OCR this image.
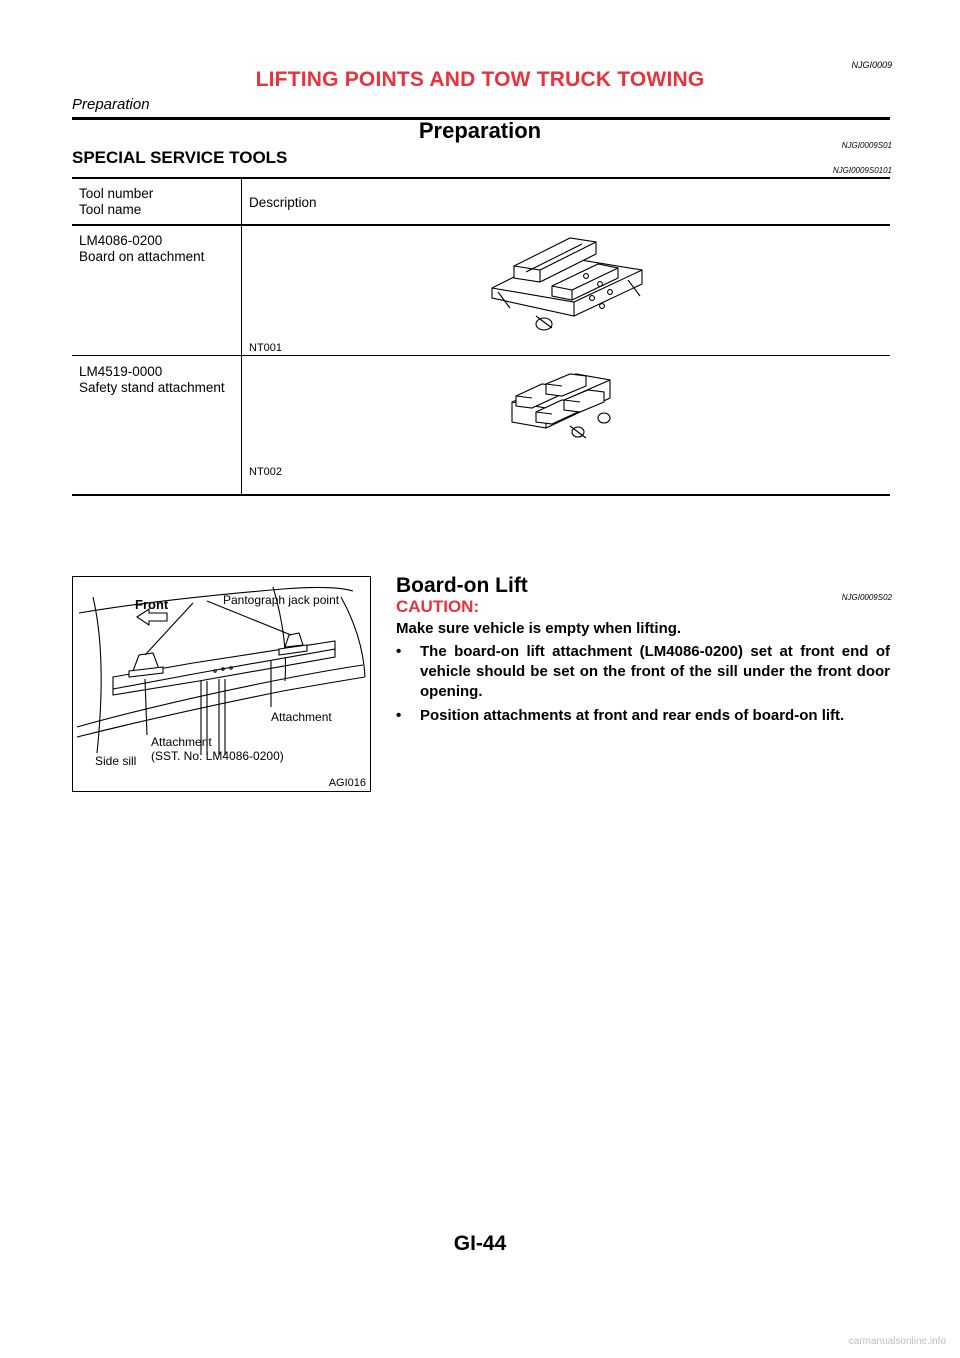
NJGI0009
LIFTING POINTS AND TOW TRUCK TOWING
Preparation
Preparation
NJGI0009S01
SPECIAL SERVICE TOOLS
NJGI0009S0101
Tool number
Tool name	Description
LM4086-0200
Board on attachment
NT001
LM4519-0000
Safety stand attachment
NT002
Front	Pantograph jack point
Attachment
Attachment
(SST. No. LM4086-0200)
Side sill
AGI016
Board-on Lift
NJGI0009S02
CAUTION:
Make sure vehicle is empty when lifting.
• The board-on lift attachment (LM4086-0200) set at front end of vehicle should be set on the front of the sill under the front door opening.
• Position attachments at front and rear ends of board-on lift.
GI-44
carmanualsonline.info
